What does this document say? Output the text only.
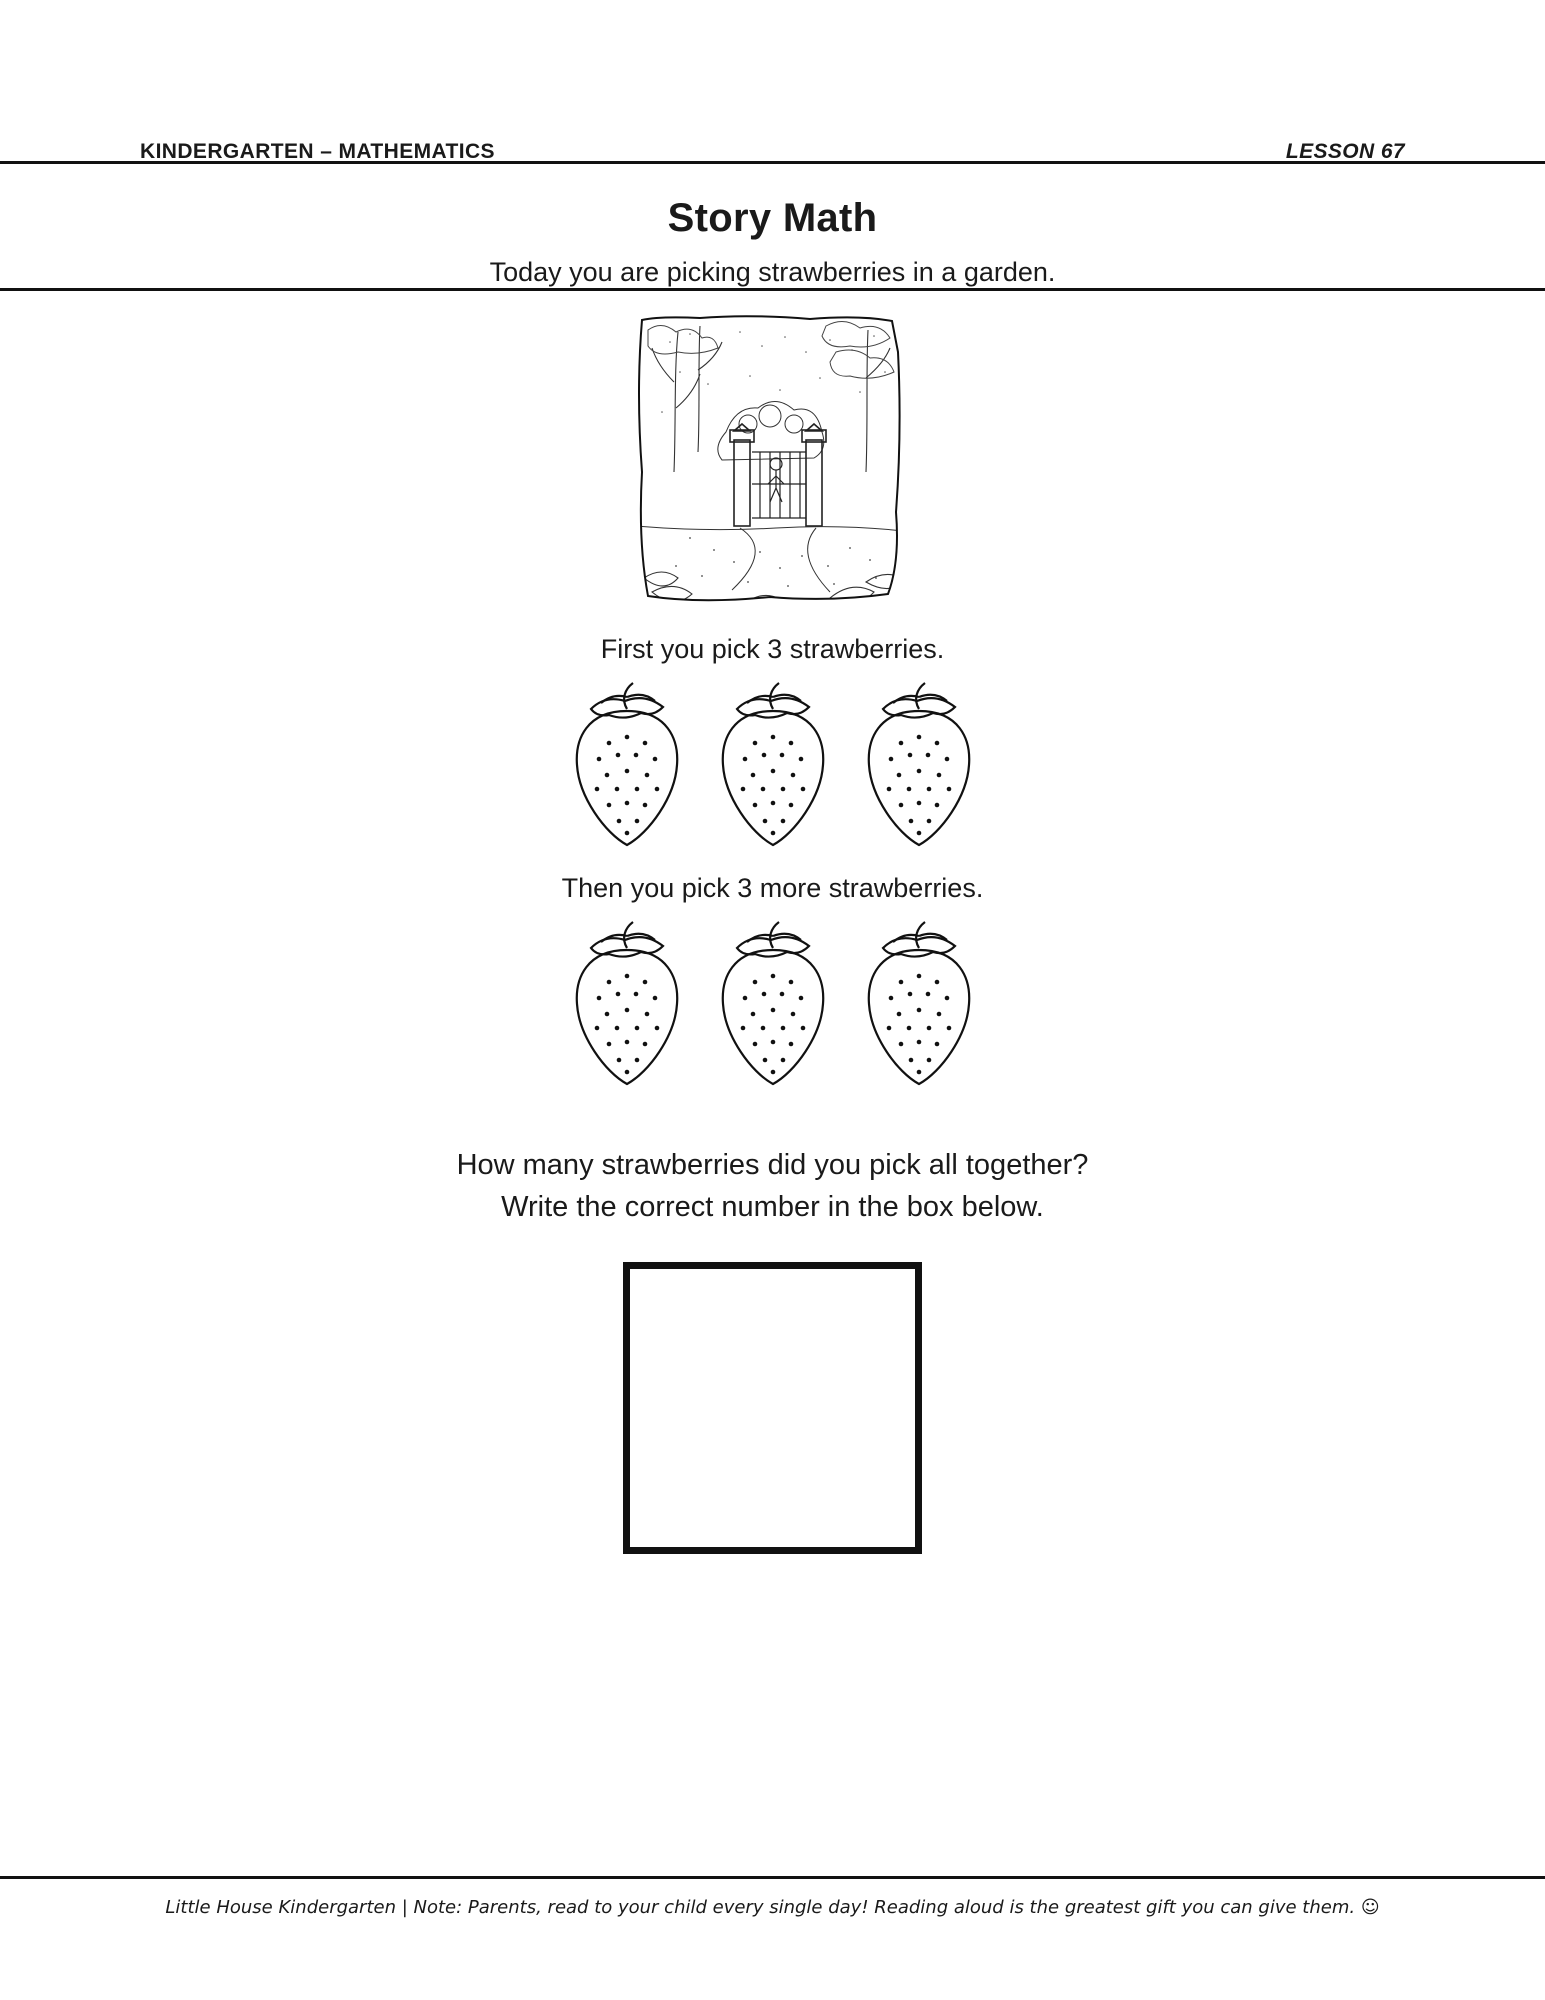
KINDERGARTEN – MATHEMATICS	LESSON 67
Story Math

Today you are picking strawberries in a garden.

First you pick 3 strawberries.
Then you pick 3 more strawberries.
How many strawberries did you pick all together?
Write the correct number in the box below.
Little House Kindergarten | Note: Parents, read to your child every single day! Reading aloud is the greatest gift you can give them. ☺
